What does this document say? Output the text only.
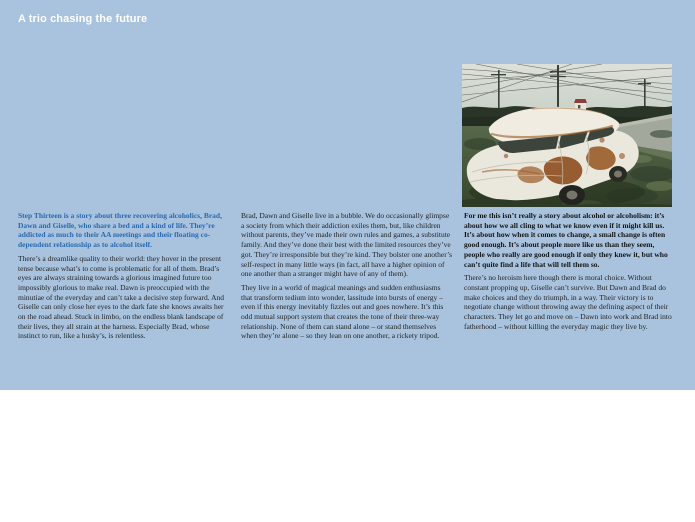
A trio chasing the future

Step Thirteen is a story about three recovering alcoholics, Brad, Dawn and Giselle, who share a bed and a kind of life. They’re addicted as much to their AA meetings and their floating co-dependent relationship as to alcohol itself.

There’s a dreamlike quality to their world: they hover in the present tense because what’s to come is problematic for all of them. Brad’s eyes are always straining towards a glorious imagined future too impossibly glorious to make real. Dawn is preoccupied with the minutiae of the everyday and can’t take a decisive step forward. And Giselle can only close her eyes to the dark fate she knows awaits her on the road ahead. Stuck in limbo, on the endless blank landscape of their lives, they all strain at the harness. Especially Brad, whose instinct to run, like a husky’s, is relentless.

Brad, Dawn and Giselle live in a bubble. We do occasionally glimpse a society from which their addiction exiles them, but, like children without parents, they’ve made their own rules and games, a substitute family. And they’ve done their best with the limited resources they’ve got. They’re irresponsible but they’re kind. They bolster one another’s self-respect in many little ways (in fact, all have a higher opinion of one another than a stranger might have of any of them).

They live in a world of magical meanings and sudden enthusiasms that transform tedium into wonder, lassitude into bursts of energy – even if this energy inevitably fizzles out and goes nowhere. It’s this odd mutual support system that creates the tone of their three-way relationship. None of them can stand alone – or stand themselves when they’re alone – so they lean on one another, a rickety tripod.

For me this isn’t really a story about alcohol or alcoholism: it’s about how we all cling to what we know even if it might kill us. It’s about how when it comes to change, a small change is often good enough. It’s about people more like us than they seem, people who really are good enough if only they knew it, but who can’t quite find a life that will tell them so.

There’s no heroism here though there is moral choice. Without constant propping up, Giselle can’t survive. But Dawn and Brad do make choices and they do triumph, in a way. Their victory is to negotiate change without throwing away the defining aspect of their characters. They let go and move on – Dawn into work and Brad into fatherhood – without killing the everyday magic they live by.
